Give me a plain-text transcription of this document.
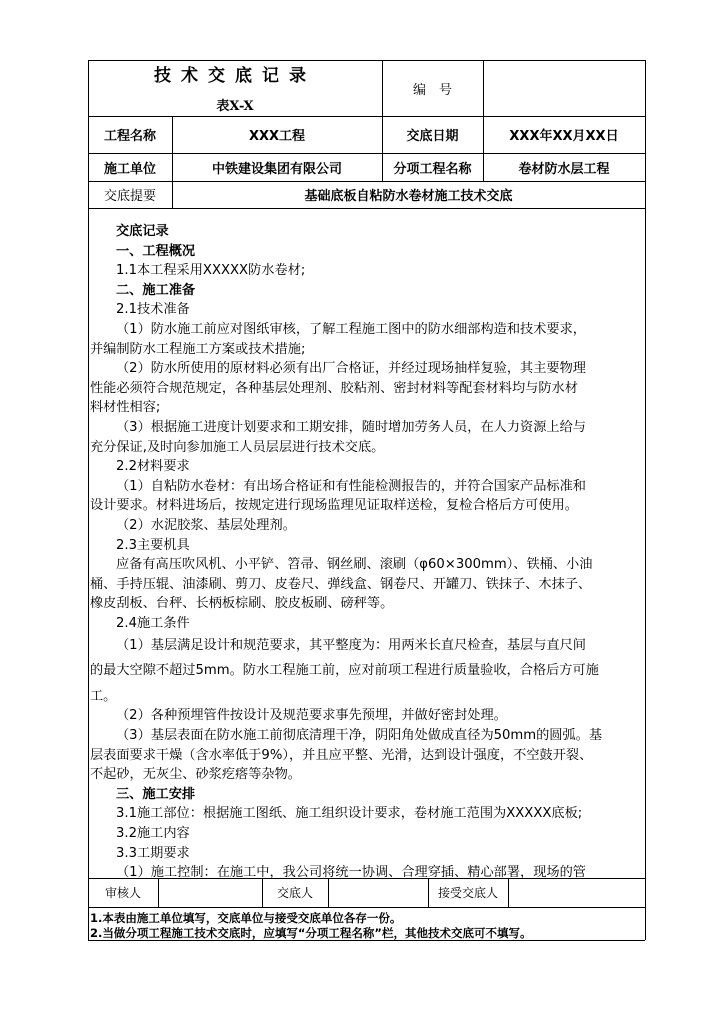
技术交底记录
表X-X
编　号
工程名称	XXX工程	交底日期	XXX年XX月XX日
施工单位	中铁建设集团有限公司	分项工程名称	卷材防水层工程
交底提要	基础底板自粘防水卷材施工技术交底
交底记录
一、工程概况
1.1本工程采用XXXXX防水卷材;
二、施工准备
2.1技术准备
（1）防水施工前应对图纸审核，了解工程施工图中的防水细部构造和技术要求，
并编制防水工程施工方案或技术措施;
（2）防水所使用的原材料必须有出厂合格证，并经过现场抽样复验，其主要物理
性能必须符合规范规定，各种基层处理剂、胶粘剂、密封材料等配套材料均与防水材
料材性相容;
（3）根据施工进度计划要求和工期安排，随时增加劳务人员，在人力资源上给与
充分保证,及时向参加施工人员层层进行技术交底。
2.2材料要求
（1）自粘防水卷材：有出场合格证和有性能检测报告的，并符合国家产品标准和
设计要求。材料进场后，按规定进行现场监理见证取样送检，复检合格后方可使用。
（2）水泥胶浆、基层处理剂。
2.3主要机具
应备有高压吹风机、小平铲、笤帚、钢丝刷、滚刷（φ60×300mm）、铁桶、小油
桶、手持压辊、油漆刷、剪刀、皮卷尺、弹线盒、钢卷尺、开罐刀、铁抹子、木抹子、
橡皮刮板、台秤、长柄板棕刷、胶皮板刷、磅秤等。
2.4施工条件
（1）基层满足设计和规范要求，其平整度为：用两米长直尺检查，基层与直尺间
的最大空隙不超过5mm。防水工程施工前，应对前项工程进行质量验收，合格后方可施
工。
（2）各种预埋管件按设计及规范要求事先预埋，并做好密封处理。
（3）基层表面在防水施工前彻底清理干净，阴阳角处做成直径为50mm的圆弧。基
层表面要求干燥（含水率低于9%），并且应平整、光滑，达到设计强度，不空鼓开裂、
不起砂，无灰尘、砂浆疙瘩等杂物。
三、施工安排
3.1施工部位：根据施工图纸、施工组织设计要求，卷材施工范围为XXXXX底板;
3.2施工内容
3.3工期要求
（1）施工控制：在施工中，我公司将统一协调、合理穿插、精心部署，现场的管
审核人	交底人	接受交底人
1.本表由施工单位填写，交底单位与接受交底单位各存一份。
2.当做分项工程施工技术交底时，应填写“分项工程名称”栏，其他技术交底可不填写。
